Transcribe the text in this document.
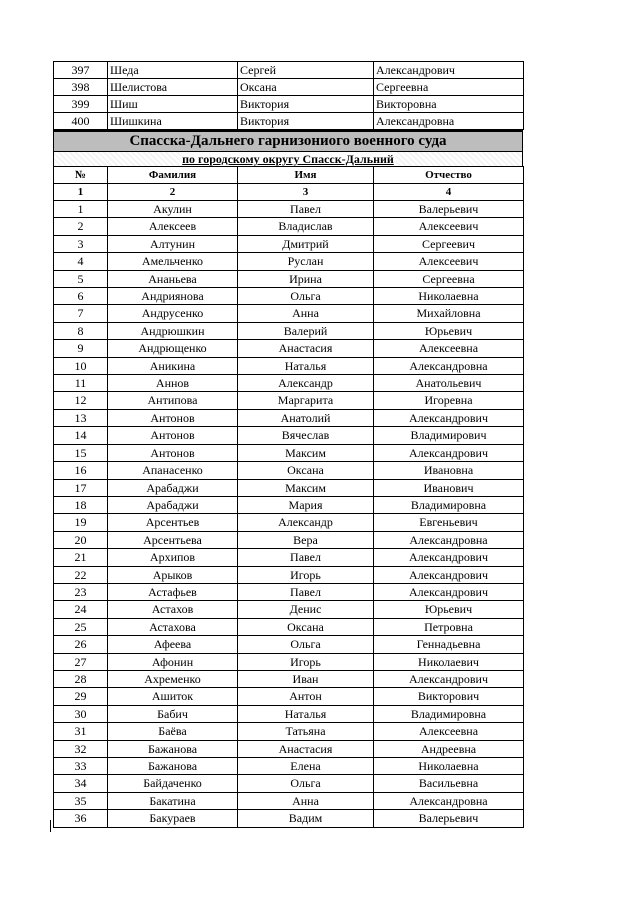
397	Шеда	Сергей	Александрович
398	Шелистова	Оксана	Сергеевна
399	Шиш	Виктория	Викторовна
400	Шишкина	Виктория	Александровна
Спасска-Дальнего гарнизониого военного суда
по городскому округу Спасск-Дальний
№	Фамилия	Имя	Отчество
1	2	3	4
1	Акулин	Павел	Валерьевич
2	Алексеев	Владислав	Алексеевич
3	Алтунин	Дмитрий	Сергеевич
4	Амельченко	Руслан	Алексеевич
5	Ананьева	Ирина	Сергеевна
6	Андриянова	Ольга	Николаевна
7	Андрусенко	Анна	Михайловна
8	Андрюшкин	Валерий	Юрьевич
9	Андрющенко	Анастасия	Алексеевна
10	Аникина	Наталья	Александровна
11	Аннов	Александр	Анатольевич
12	Антипова	Маргарита	Игоревна
13	Антонов	Анатолий	Александрович
14	Антонов	Вячеслав	Владимирович
15	Антонов	Максим	Александрович
16	Апанасенко	Оксана	Ивановна
17	Арабаджи	Максим	Иванович
18	Арабаджи	Мария	Владимировна
19	Арсентьев	Александр	Евгеньевич
20	Арсентьева	Вера	Александровна
21	Архипов	Павел	Александрович
22	Арыков	Игорь	Александрович
23	Астафьев	Павел	Александрович
24	Астахов	Денис	Юрьевич
25	Астахова	Оксана	Петровна
26	Афеева	Ольга	Геннадьевна
27	Афонин	Игорь	Николаевич
28	Ахременко	Иван	Александрович
29	Ашиток	Антон	Викторович
30	Бабич	Наталья	Владимировна
31	Баёва	Татьяна	Алексеевна
32	Бажанова	Анастасия	Андреевна
33	Бажанова	Елена	Николаевна
34	Байдаченко	Ольга	Васильевна
35	Бакатина	Анна	Александровна
36	Бакураев	Вадим	Валерьевич
